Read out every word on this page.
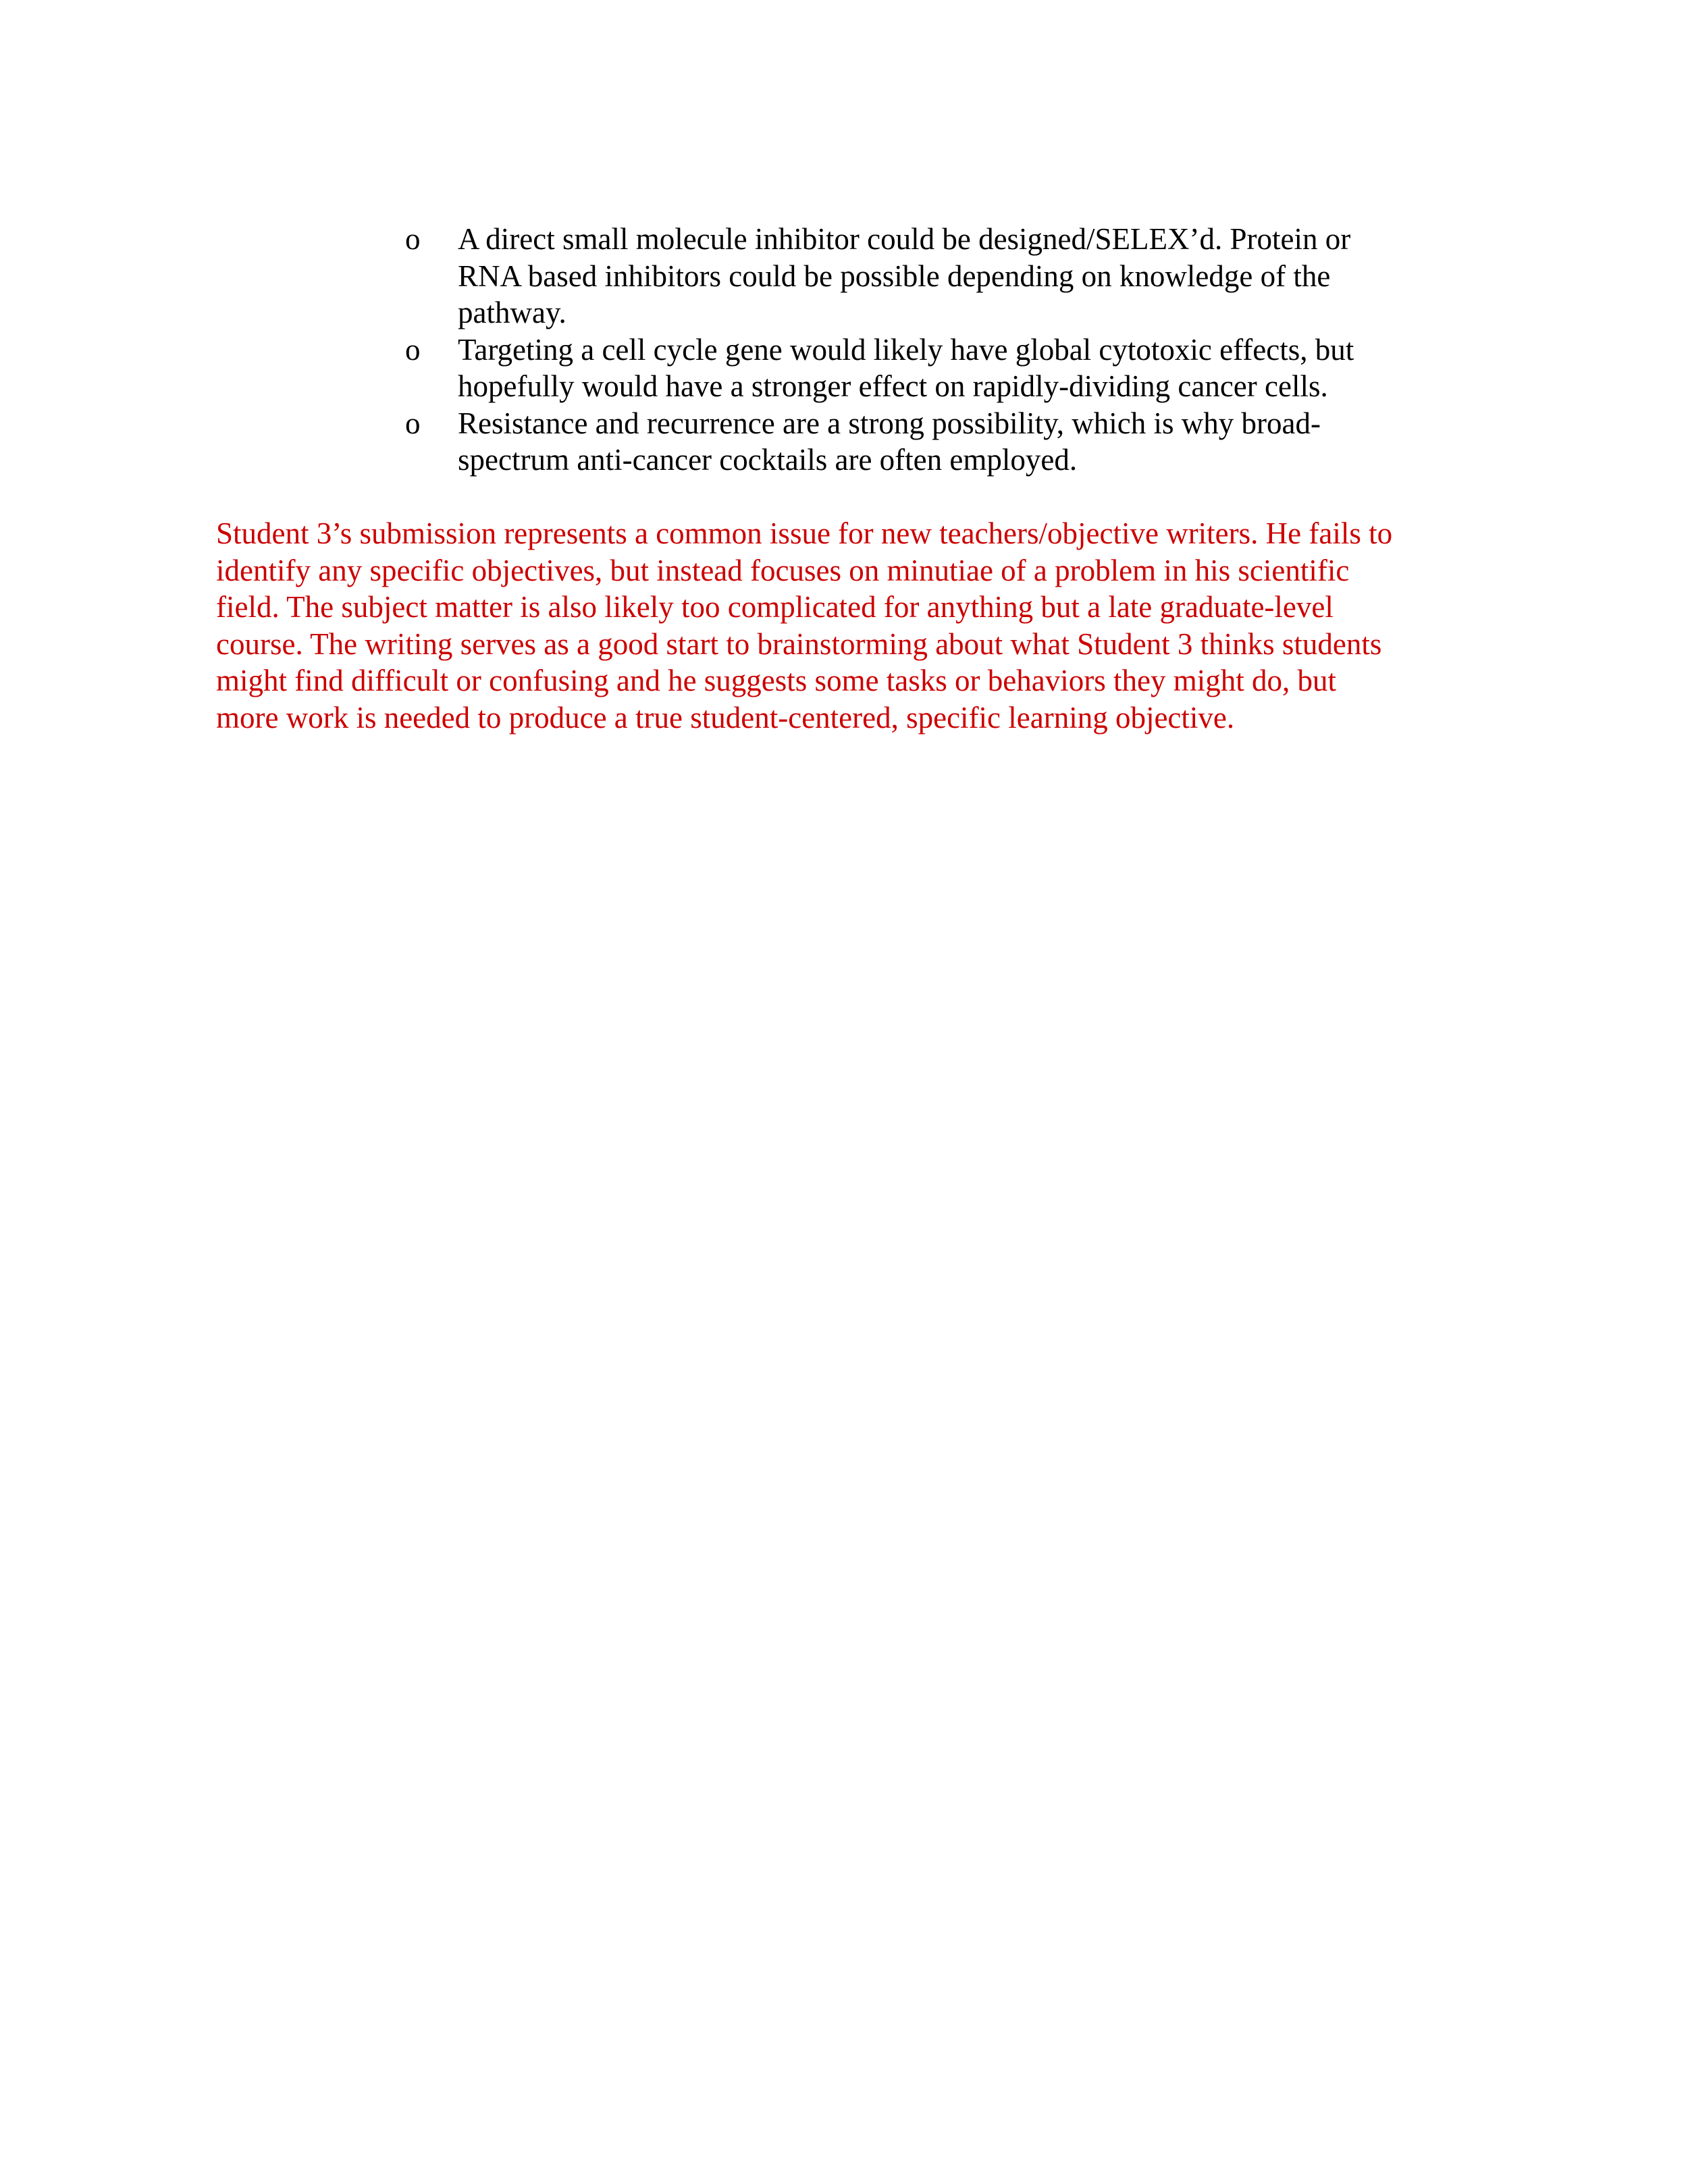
o A direct small molecule inhibitor could be designed/SELEX’d. Protein or
RNA based inhibitors could be possible depending on knowledge of the
pathway.
o Targeting a cell cycle gene would likely have global cytotoxic effects, but
hopefully would have a stronger effect on rapidly-dividing cancer cells.
o Resistance and recurrence are a strong possibility, which is why broad-
spectrum anti-cancer cocktails are often employed.

Student 3’s submission represents a common issue for new teachers/objective writers. He fails to
identify any specific objectives, but instead focuses on minutiae of a problem in his scientific
field. The subject matter is also likely too complicated for anything but a late graduate-level
course. The writing serves as a good start to brainstorming about what Student 3 thinks students
might find difficult or confusing and he suggests some tasks or behaviors they might do, but
more work is needed to produce a true student-centered, specific learning objective.
